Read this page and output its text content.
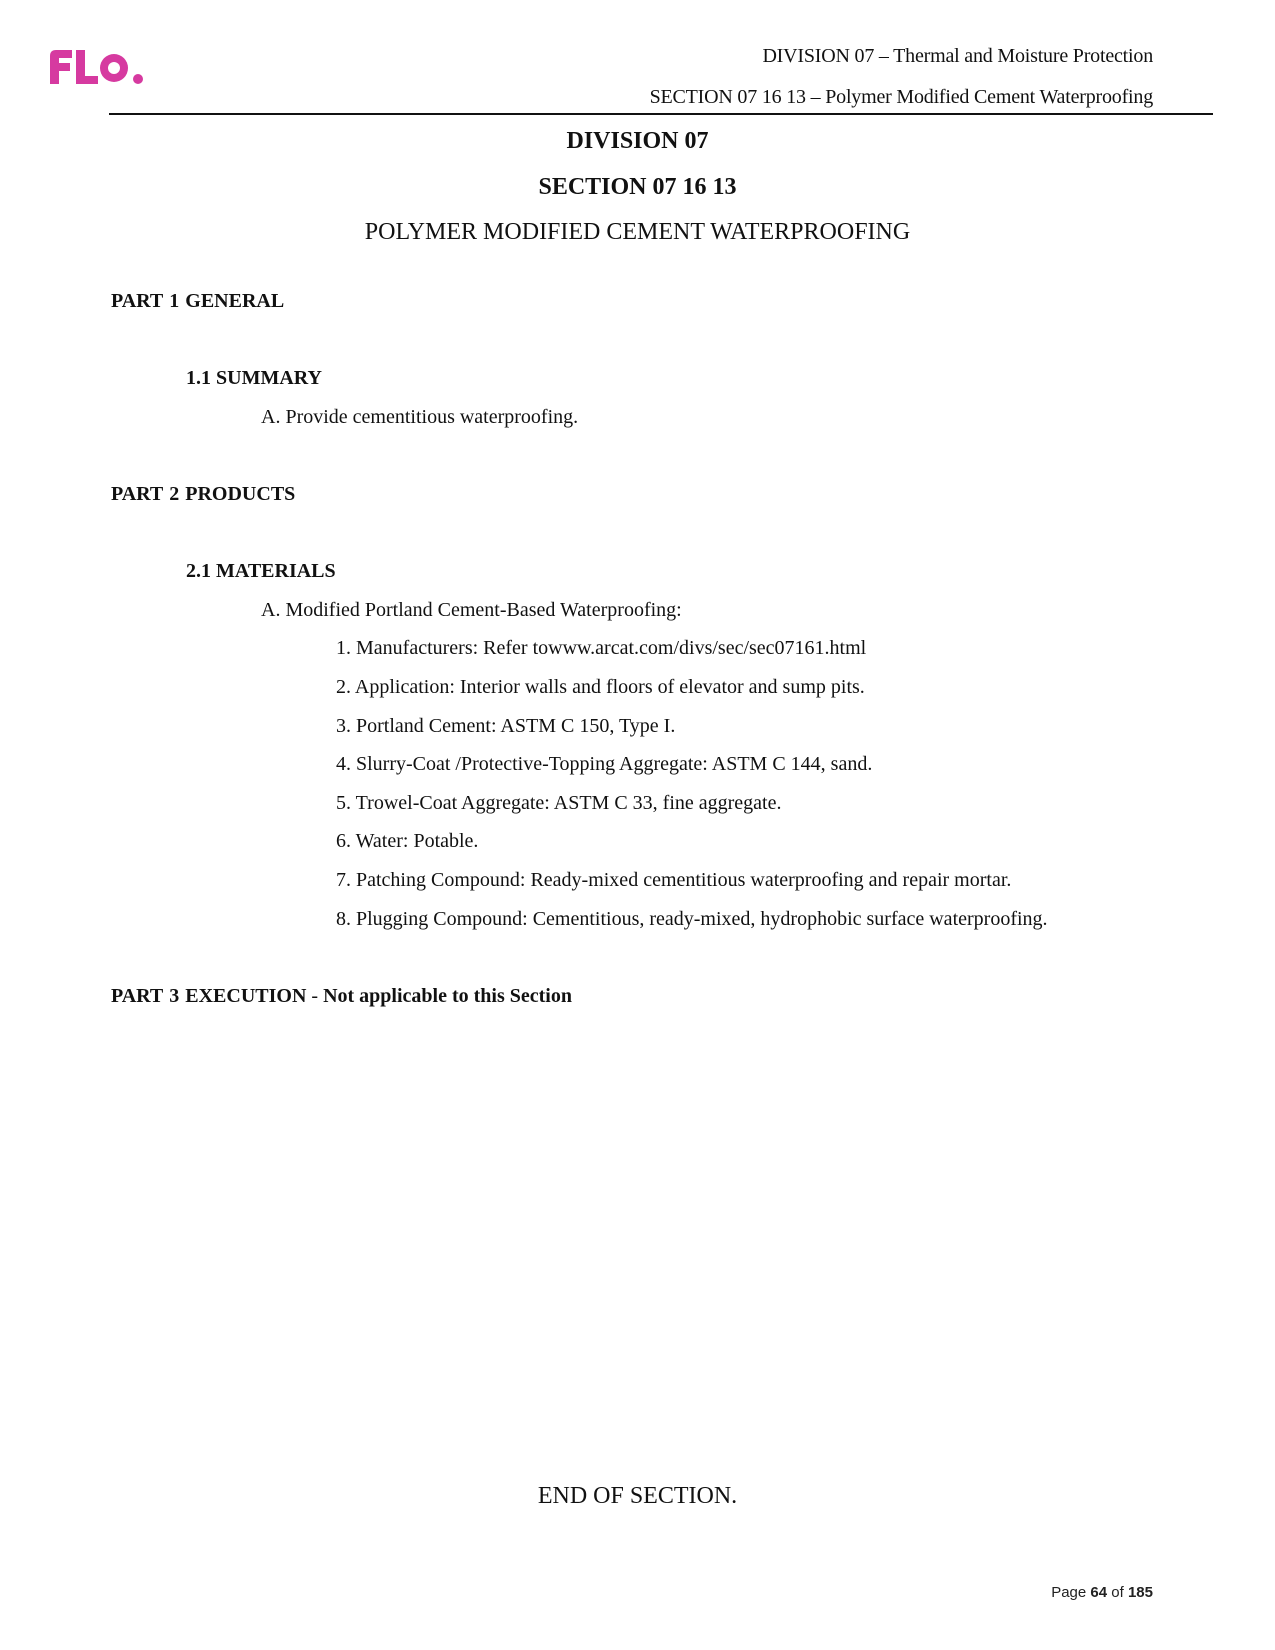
DIVISION 07 – Thermal and Moisture Protection
SECTION 07 16 13 – Polymer Modified Cement Waterproofing
DIVISION 07
SECTION 07 16 13
POLYMER MODIFIED CEMENT WATERPROOFING
PART 1 GENERAL
1.1 SUMMARY
A. Provide cementitious waterproofing.
PART 2 PRODUCTS
2.1 MATERIALS
A. Modified Portland Cement-Based Waterproofing:
1. Manufacturers: Refer towww.arcat.com/divs/sec/sec07161.html
2. Application: Interior walls and floors of elevator and sump pits.
3. Portland Cement: ASTM C 150, Type I.
4. Slurry-Coat /Protective-Topping Aggregate: ASTM C 144, sand.
5. Trowel-Coat Aggregate: ASTM C 33, fine aggregate.
6. Water: Potable.
7. Patching Compound: Ready-mixed cementitious waterproofing and repair mortar.
8. Plugging Compound: Cementitious, ready-mixed, hydrophobic surface waterproofing.
PART 3 EXECUTION - Not applicable to this Section
END OF SECTION.
Page 64 of 185
